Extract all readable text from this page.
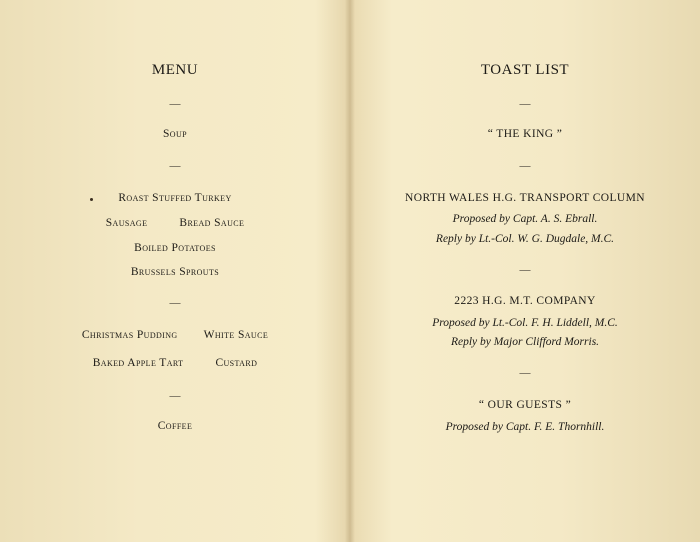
MENU
—
Soup
—
Roast Stuffed Turkey
Sausage	Bread Sauce
Boiled Potatoes
Brussels Sprouts
—
Christmas Pudding White Sauce
Baked Apple Tart	Custard
—
Coffee
TOAST LIST
—
“ THE KING ”
—
NORTH WALES H.G. TRANSPORT COLUMN
Proposed by Capt. A. S. Ebrall.
Reply by Lt.-Col. W. G. Dugdale, M.C.
—
2223 H.G. M.T. COMPANY
Proposed by Lt.-Col. F. H. Liddell, M.C.
Reply by Major Clifford Morris.
—
“ OUR GUESTS ”
Proposed by Capt. F. E. Thornhill.
